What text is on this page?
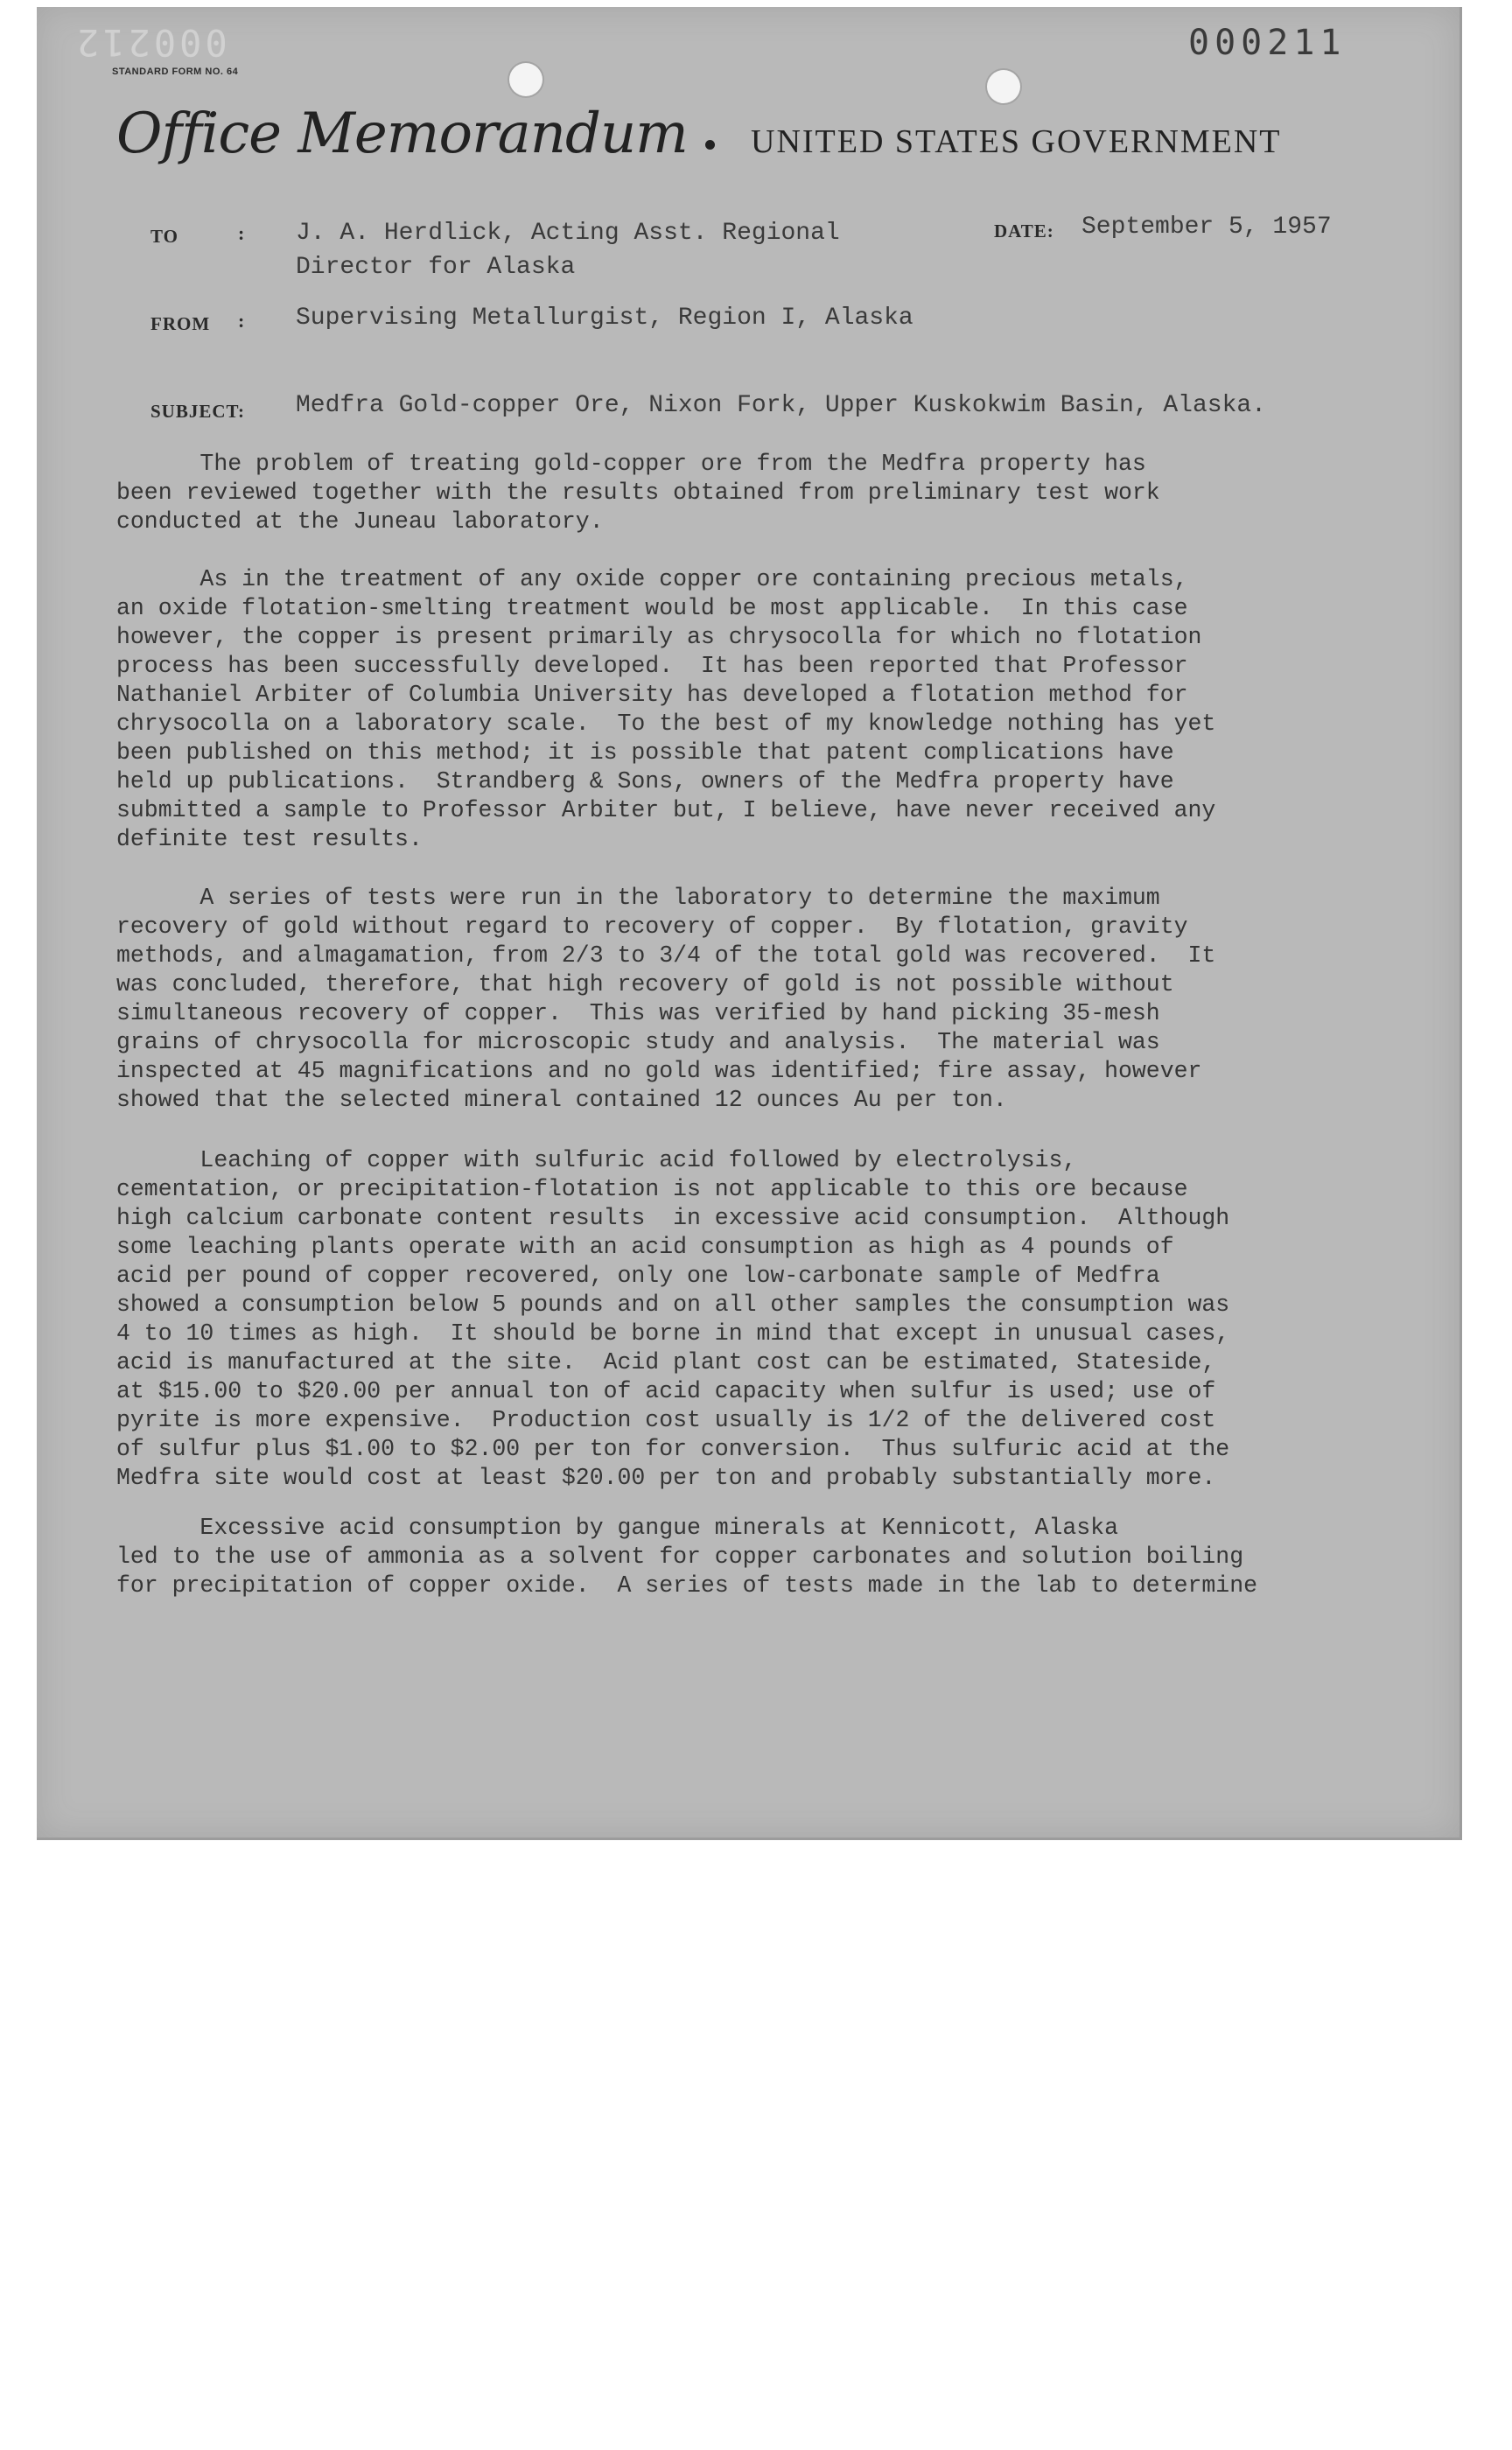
000212	000211
STANDARD FORM NO. 64
Office Memorandum UNITED STATES GOVERNMENT
TO	: J. A. Herdlick, Acting Asst. Regional
Director for Alaska
DATE: September 5, 1957
FROM : Supervising Metallurgist, Region I, Alaska
SUBJECT: Medfra Gold-copper Ore, Nixon Fork, Upper Kuskokwim Basin, Alaska.
The problem of treating gold-copper ore from the Medfra property has
been reviewed together with the results obtained from preliminary test work
conducted at the Juneau laboratory.
As in the treatment of any oxide copper ore containing precious metals,
an oxide flotation-smelting treatment would be most applicable.  In this case
however, the copper is present primarily as chrysocolla for which no flotation
process has been successfully developed.  It has been reported that Professor
Nathaniel Arbiter of Columbia University has developed a flotation method for
chrysocolla on a laboratory scale.  To the best of my knowledge nothing has yet
been published on this method; it is possible that patent complications have
held up publications.  Strandberg & Sons, owners of the Medfra property have
submitted a sample to Professor Arbiter but, I believe, have never received any
definite test results.
A series of tests were run in the laboratory to determine the maximum
recovery of gold without regard to recovery of copper.  By flotation, gravity
methods, and almagamation, from 2/3 to 3/4 of the total gold was recovered.  It
was concluded, therefore, that high recovery of gold is not possible without
simultaneous recovery of copper.  This was verified by hand picking 35-mesh
grains of chrysocolla for microscopic study and analysis.  The material was
inspected at 45 magnifications and no gold was identified; fire assay, however
showed that the selected mineral contained 12 ounces Au per ton.
Leaching of copper with sulfuric acid followed by electrolysis,
cementation, or precipitation-flotation is not applicable to this ore because
high calcium carbonate content results  in excessive acid consumption.  Although
some leaching plants operate with an acid consumption as high as 4 pounds of
acid per pound of copper recovered, only one low-carbonate sample of Medfra
showed a consumption below 5 pounds and on all other samples the consumption was
4 to 10 times as high.  It should be borne in mind that except in unusual cases,
acid is manufactured at the site.  Acid plant cost can be estimated, Stateside,
at $15.00 to $20.00 per annual ton of acid capacity when sulfur is used; use of
pyrite is more expensive.  Production cost usually is 1/2 of the delivered cost
of sulfur plus $1.00 to $2.00 per ton for conversion.  Thus sulfuric acid at the
Medfra site would cost at least $20.00 per ton and probably substantially more.
Excessive acid consumption by gangue minerals at Kennicott, Alaska
led to the use of ammonia as a solvent for copper carbonates and solution boiling
for precipitation of copper oxide.  A series of tests made in the lab to determine
